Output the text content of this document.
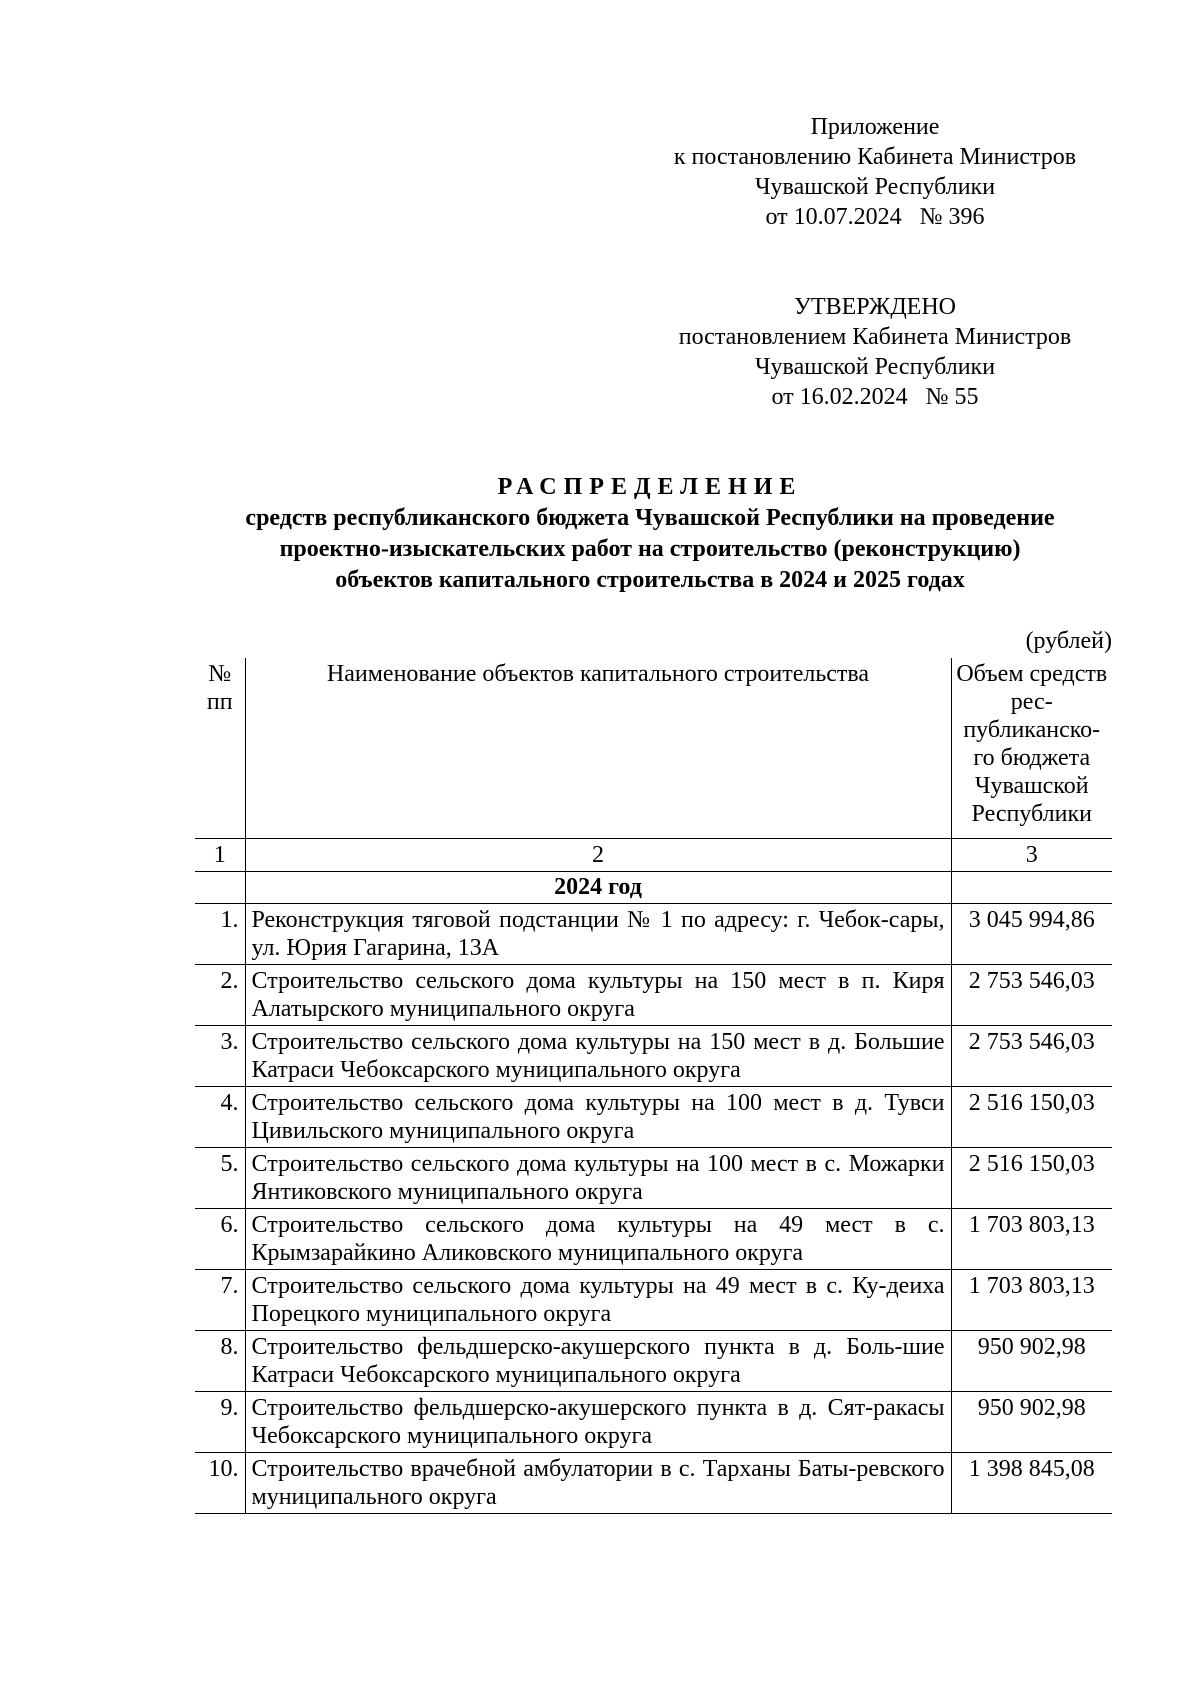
Приложение
к постановлению Кабинета Министров
Чувашской Республики
от 10.07.2024   № 396
УТВЕРЖДЕНО
постановлением Кабинета Министров
Чувашской Республики
от 16.02.2024   № 55
РАСПРЕДЕЛЕНИЕ
средств республиканского бюджета Чувашской Республики на проведение
проектно-изыскательских работ на строительство (реконструкцию)
объектов капитального строительства в 2024 и 2025 годах
(рублей)
№ пп	Наименование объектов капитального строительства	Объем средств рес-публиканско-го бюджета Чувашской Республики
1	2	3
	2024 год	
1.	Реконструкция тяговой подстанции № 1 по адресу: г. Чебок-сары, ул. Юрия Гагарина, 13А	3 045 994,86
2.	Строительство сельского дома культуры на 150 мест в п. Киря Алатырского муниципального округа	2 753 546,03
3.	Строительство сельского дома культуры на 150 мест в д. Большие Катраси Чебоксарского муниципального округа	2 753 546,03
4.	Строительство сельского дома культуры на 100 мест в д. Тувси Цивильского муниципального округа	2 516 150,03
5.	Строительство сельского дома культуры на 100 мест в с. Можарки Янтиковского муниципального округа	2 516 150,03
6.	Строительство сельского дома культуры на 49 мест в с. Крымзарайкино Аликовского муниципального округа	1 703 803,13
7.	Строительство сельского дома культуры на 49 мест в с. Ку-деиха Порецкого муниципального округа	1 703 803,13
8.	Строительство фельдшерско-акушерского пункта в д. Боль-шие Катраси Чебоксарского муниципального округа	950 902,98
9.	Строительство фельдшерско-акушерского пункта в д. Сят-ракасы Чебоксарского муниципального округа	950 902,98
10.	Строительство врачебной амбулатории в с. Тарханы Баты-ревского муниципального округа	1 398 845,08
